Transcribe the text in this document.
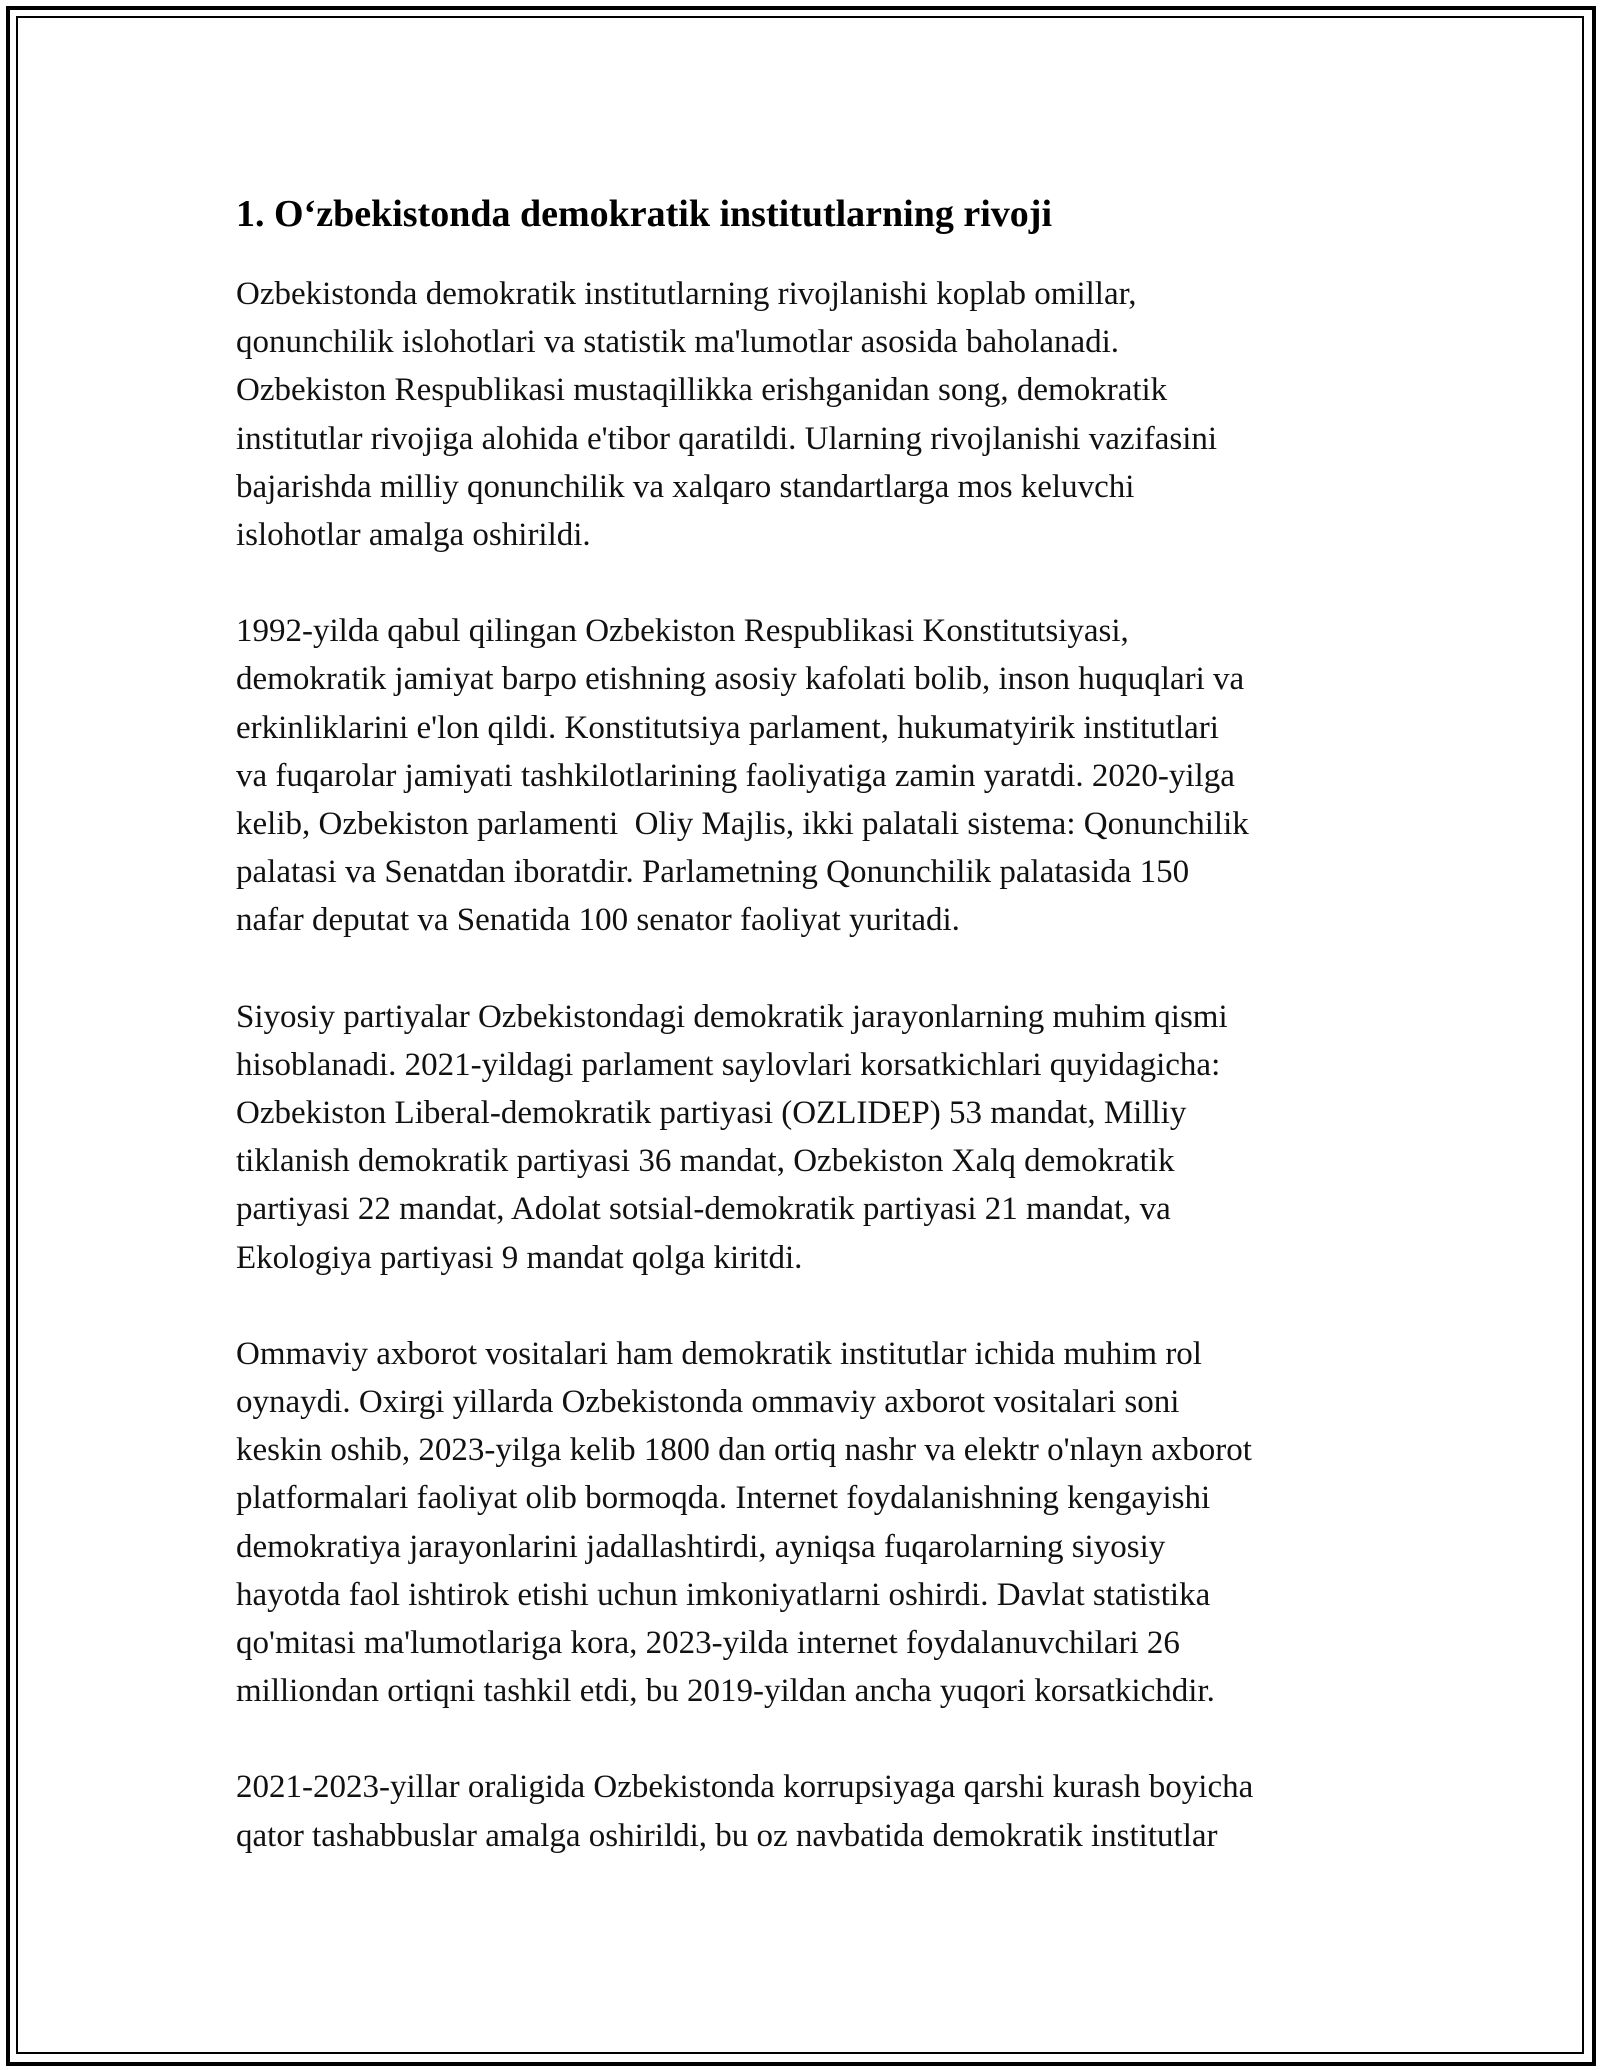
1. O‘zbekistonda demokratik institutlarning rivoji

Ozbekistonda demokratik institutlarning rivojlanishi koplab omillar,
qonunchilik islohotlari va statistik ma'lumotlar asosida baholanadi.
Ozbekiston Respublikasi mustaqillikka erishganidan song, demokratik
institutlar rivojiga alohida e'tibor qaratildi. Ularning rivojlanishi vazifasini
bajarishda milliy qonunchilik va xalqaro standartlarga mos keluvchi
islohotlar amalga oshirildi.

1992-yilda qabul qilingan Ozbekiston Respublikasi Konstitutsiyasi,
demokratik jamiyat barpo etishning asosiy kafolati bolib, inson huquqlari va
erkinliklarini e'lon qildi. Konstitutsiya parlament, hukumatyirik institutlari
va fuqarolar jamiyati tashkilotlarining faoliyatiga zamin yaratdi. 2020-yilga
kelib, Ozbekiston parlamenti  Oliy Majlis, ikki palatali sistema: Qonunchilik
palatasi va Senatdan iboratdir. Parlametning Qonunchilik palatasida 150
nafar deputat va Senatida 100 senator faoliyat yuritadi.

Siyosiy partiyalar Ozbekistondagi demokratik jarayonlarning muhim qismi
hisoblanadi. 2021-yildagi parlament saylovlari korsatkichlari quyidagicha:
Ozbekiston Liberal-demokratik partiyasi (OZLIDEP) 53 mandat, Milliy
tiklanish demokratik partiyasi 36 mandat, Ozbekiston Xalq demokratik
partiyasi 22 mandat, Adolat sotsial-demokratik partiyasi 21 mandat, va
Ekologiya partiyasi 9 mandat qolga kiritdi.

Ommaviy axborot vositalari ham demokratik institutlar ichida muhim rol
oynaydi. Oxirgi yillarda Ozbekistonda ommaviy axborot vositalari soni
keskin oshib, 2023-yilga kelib 1800 dan ortiq nashr va elektr o'nlayn axborot
platformalari faoliyat olib bormoqda. Internet foydalanishning kengayishi
demokratiya jarayonlarini jadallashtirdi, ayniqsa fuqarolarning siyosiy
hayotda faol ishtirok etishi uchun imkoniyatlarni oshirdi. Davlat statistika
qo'mitasi ma'lumotlariga kora, 2023-yilda internet foydalanuvchilari 26
milliondan ortiqni tashkil etdi, bu 2019-yildan ancha yuqori korsatkichdir.

2021-2023-yillar oraligida Ozbekistonda korrupsiyaga qarshi kurash boyicha
qator tashabbuslar amalga oshirildi, bu oz navbatida demokratik institutlar
